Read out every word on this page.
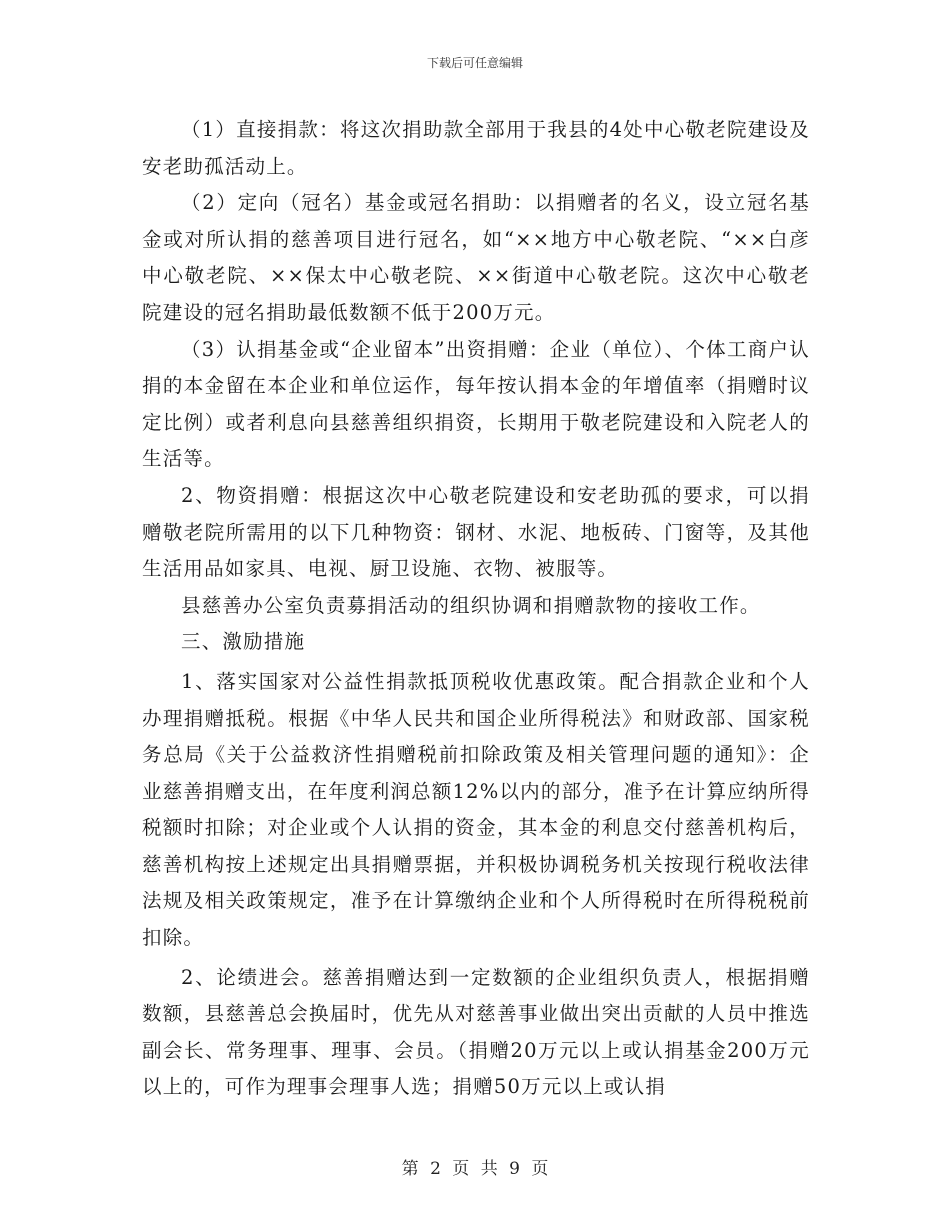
下载后可任意编辑

（1）直接捐款：将这次捐助款全部用于我县的4处中心敬老院建设及安老助孤活动上。

（2）定向（冠名）基金或冠名捐助：以捐赠者的名义，设立冠名基金或对所认捐的慈善项目进行冠名，如“××地方中心敬老院、“××白彦中心敬老院、××保太中心敬老院、××街道中心敬老院。这次中心敬老院建设的冠名捐助最低数额不低于200万元。

（3）认捐基金或“企业留本”出资捐赠：企业（单位）、个体工商户认捐的本金留在本企业和单位运作，每年按认捐本金的年增值率（捐赠时议定比例）或者利息向县慈善组织捐资，长期用于敬老院建设和入院老人的生活等。

2、物资捐赠：根据这次中心敬老院建设和安老助孤的要求，可以捐赠敬老院所需用的以下几种物资：钢材、水泥、地板砖、门窗等，及其他生活用品如家具、电视、厨卫设施、衣物、被服等。

县慈善办公室负责募捐活动的组织协调和捐赠款物的接收工作。

三、激励措施

1、落实国家对公益性捐款抵顶税收优惠政策。配合捐款企业和个人办理捐赠抵税。根据《中华人民共和国企业所得税法》和财政部、国家税务总局《关于公益救济性捐赠税前扣除政策及相关管理问题的通知》：企业慈善捐赠支出，在年度利润总额12%以内的部分，准予在计算应纳所得税额时扣除；对企业或个人认捐的资金，其本金的利息交付慈善机构后，慈善机构按上述规定出具捐赠票据，并积极协调税务机关按现行税收法律法规及相关政策规定，准予在计算缴纳企业和个人所得税时在所得税税前扣除。

2、论绩进会。慈善捐赠达到一定数额的企业组织负责人，根据捐赠数额，县慈善总会换届时，优先从对慈善事业做出突出贡献的人员中推选副会长、常务理事、理事、会员。（捐赠20万元以上或认捐基金200万元以上的，可作为理事会理事人选；捐赠50万元以上或认捐

第 2 页 共 9 页
